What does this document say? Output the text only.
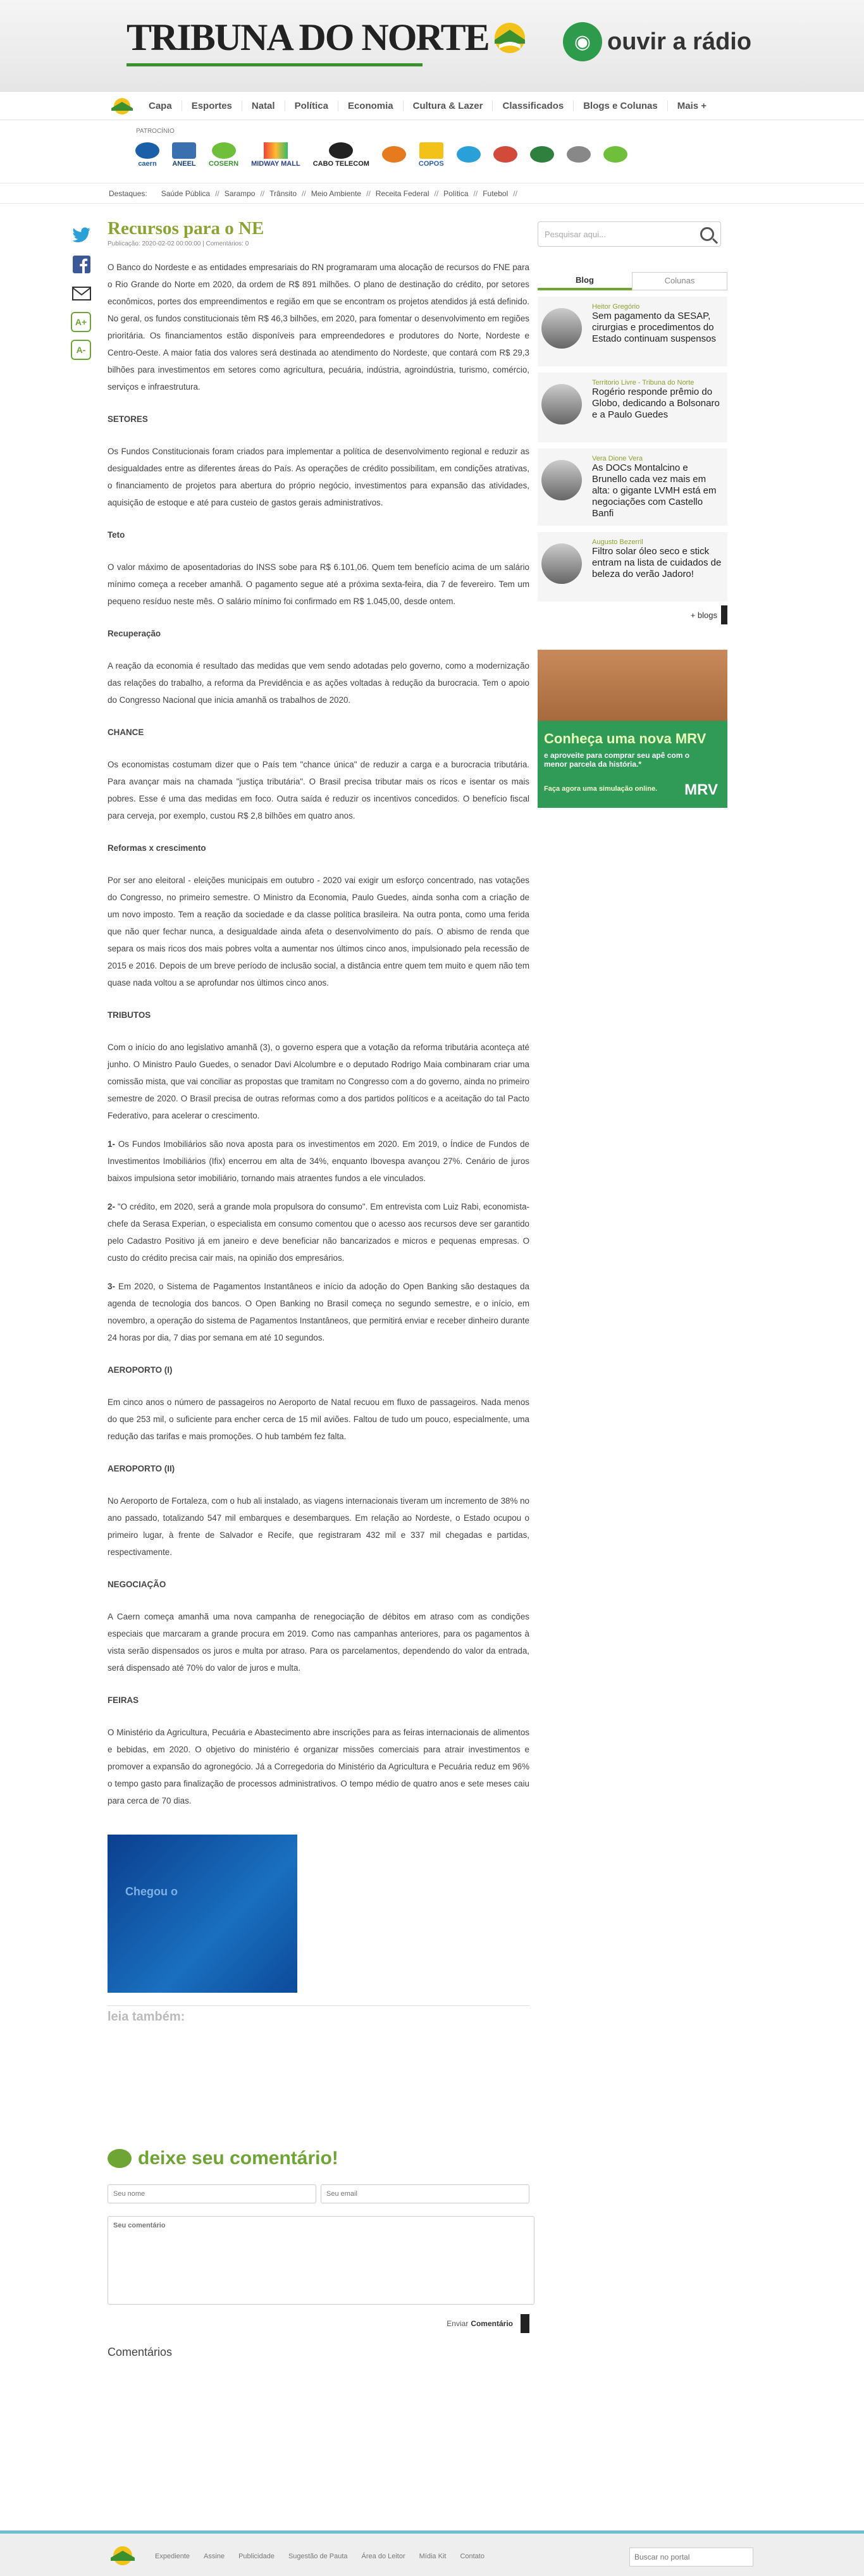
TRIBUNA DO NORTE	◉ ouvir a rádio
Capa	Esportes	Natal	Política	Economia	Cultura & Lazer	Classificados	Blogs e Colunas	Mais +
PATROCÍNIO
caern ANEEL COSERN MIDWAY MALL CABO TELECOM	COPOS
Destaques: Saúde Pública // Sarampo // Trânsito // Meio Ambiente // Receita Federal // Política // Futebol //
A+
A-
Recursos para o NE
Publicação: 2020-02-02 00:00:00 | Comentários: 0
O Banco do Nordeste e as entidades empresariais do RN programaram uma alocação de recursos do FNE para o Rio Grande do Norte em 2020, da ordem de R$ 891 milhões. O plano de destinação do crédito, por setores econômicos, portes dos empreendimentos e região em que se encontram os projetos atendidos já está definido. No geral, os fundos constitucionais têm R$ 46,3 bilhões, em 2020, para fomentar o desenvolvimento em regiões prioritária. Os financiamentos estão disponíveis para empreendedores e produtores do Norte, Nordeste e Centro-Oeste. A maior fatia dos valores será destinada ao atendimento do Nordeste, que contará com R$ 29,3 bilhões para investimentos em setores como agricultura, pecuária, indústria, agroindústria, turismo, comércio, serviços e infraestrutura.
SETORES
Os Fundos Constitucionais foram criados para implementar a política de desenvolvimento regional e reduzir as desigualdades entre as diferentes áreas do País. As operações de crédito possibilitam, em condições atrativas, o financiamento de projetos para abertura do próprio negócio, investimentos para expansão das atividades, aquisição de estoque e até para custeio de gastos gerais administrativos.
Teto
O valor máximo de aposentadorias do INSS sobe para R$ 6.101,06. Quem tem benefício acima de um salário mínimo começa a receber amanhã. O pagamento segue até a próxima sexta-feira, dia 7 de fevereiro. Tem um pequeno resíduo neste mês. O salário mínimo foi confirmado em R$ 1.045,00, desde ontem.
Recuperação
A reação da economia é resultado das medidas que vem sendo adotadas pelo governo, como a modernização das relações do trabalho, a reforma da Previdência e as ações voltadas à redução da burocracia. Tem o apoio do Congresso Nacional que inicia amanhã os trabalhos de 2020.
CHANCE
Os economistas costumam dizer que o País tem "chance única" de reduzir a carga e a burocracia tributária. Para avançar mais na chamada "justiça tributária". O Brasil precisa tributar mais os ricos e isentar os mais pobres. Esse é uma das medidas em foco. Outra saída é reduzir os incentivos concedidos. O benefício fiscal para cerveja, por exemplo, custou R$ 2,8 bilhões em quatro anos.
Reformas x crescimento
Por ser ano eleitoral - eleições municipais em outubro - 2020 vai exigir um esforço concentrado, nas votações do Congresso, no primeiro semestre. O Ministro da Economia, Paulo Guedes, ainda sonha com a criação de um novo imposto. Tem a reação da sociedade e da classe política brasileira. Na outra ponta, como uma ferida que não quer fechar nunca, a desigualdade ainda afeta o desenvolvimento do país. O abismo de renda que separa os mais ricos dos mais pobres volta a aumentar nos últimos cinco anos, impulsionado pela recessão de 2015 e 2016. Depois de um breve período de inclusão social, a distância entre quem tem muito e quem não tem quase nada voltou a se aprofundar nos últimos cinco anos.
TRIBUTOS
Com o início do ano legislativo amanhã (3), o governo espera que a votação da reforma tributária aconteça até junho. O Ministro Paulo Guedes, o senador Davi Alcolumbre e o deputado Rodrigo Maia combinaram criar uma comissão mista, que vai conciliar as propostas que tramitam no Congresso com a do governo, ainda no primeiro semestre de 2020. O Brasil precisa de outras reformas como a dos partidos políticos e a aceitação do tal Pacto Federativo, para acelerar o crescimento.
1- Os Fundos Imobiliários são nova aposta para os investimentos em 2020. Em 2019, o Índice de Fundos de Investimentos Imobiliários (Ifix) encerrou em alta de 34%, enquanto Ibovespa avançou 27%. Cenário de juros baixos impulsiona setor imobiliário, tornando mais atraentes fundos a ele vinculados.
2- "O crédito, em 2020, será a grande mola propulsora do consumo". Em entrevista com Luiz Rabi, economista-chefe da Serasa Experian, o especialista em consumo comentou que o acesso aos recursos deve ser garantido pelo Cadastro Positivo já em janeiro e deve beneficiar não bancarizados e micros e pequenas empresas. O custo do crédito precisa cair mais, na opinião dos empresários.
3- Em 2020, o Sistema de Pagamentos Instantâneos e início da adoção do Open Banking são destaques da agenda de tecnologia dos bancos. O Open Banking no Brasil começa no segundo semestre, e o início, em novembro, a operação do sistema de Pagamentos Instantâneos, que permitirá enviar e receber dinheiro durante 24 horas por dia, 7 dias por semana em até 10 segundos.
AEROPORTO (I)
Em cinco anos o número de passageiros no Aeroporto de Natal recuou em fluxo de passageiros. Nada menos do que 253 mil, o suficiente para encher cerca de 15 mil aviões. Faltou de tudo um pouco, especialmente, uma redução das tarifas e mais promoções. O hub também fez falta.
AEROPORTO (II)
No Aeroporto de Fortaleza, com o hub ali instalado, as viagens internacionais tiveram um incremento de 38% no ano passado, totalizando 547 mil embarques e desembarques. Em relação ao Nordeste, o Estado ocupou o primeiro lugar, à frente de Salvador e Recife, que registraram 432 mil e 337 mil chegadas e partidas, respectivamente.
NEGOCIAÇÃO
A Caern começa amanhã uma nova campanha de renegociação de débitos em atraso com as condições especiais que marcaram a grande procura em 2019. Como nas campanhas anteriores, para os pagamentos à vista serão dispensados os juros e multa por atraso. Para os parcelamentos, dependendo do valor da entrada, será dispensado até 70% do valor de juros e multa.
FEIRAS
O Ministério da Agricultura, Pecuária e Abastecimento abre inscrições para as feiras internacionais de alimentos e bebidas, em 2020. O objetivo do ministério é organizar missões comerciais para atrair investimentos e promover a expansão do agronegócio. Já a Corregedoria do Ministério da Agricultura e Pecuária reduz em 96% o tempo gasto para finalização de processos administrativos. O tempo médio de quatro anos e sete meses caiu para cerca de 70 dias.
Chegou o
leia também:
deixe seu comentário!
Seu nome
Seu email
Seu comentário
Enviar Comentário
Comentários
Pesquisar aqui...
Blog	Colunas
Heitor Gregório
Sem pagamento da SESAP, cirurgias e procedimentos do Estado continuam suspensos
Territorio Livre - Tribuna do Norte
Rogério responde prêmio do Globo, dedicando a Bolsonaro e a Paulo Guedes
Vera Dione Vera
As DOCs Montalcino e Brunello cada vez mais em alta: o gigante LVMH está em negociações com Castello Banfi
Augusto Bezerril
Filtro solar óleo seco e stick entram na lista de cuidados de beleza do verão Jadoro!
+ blogs
Conheça uma nova MRV
e aproveite para comprar seu apê com o menor parcela da história.*
Faça agora uma simulação online. MRV
Expediente Assine Publicidade Sugestão de Pauta Área do Leitor Mídia Kit Contato
Buscar no portal
